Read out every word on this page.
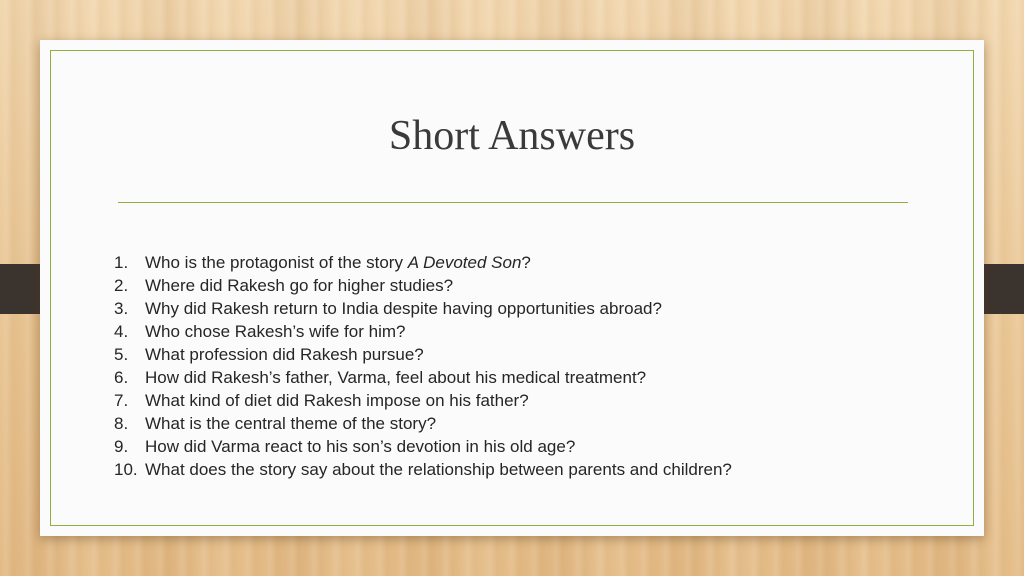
Short Answers
1. Who is the protagonist of the story A Devoted Son?
2. Where did Rakesh go for higher studies?
3. Why did Rakesh return to India despite having opportunities abroad?
4. Who chose Rakesh’s wife for him?
5. What profession did Rakesh pursue?
6. How did Rakesh’s father, Varma, feel about his medical treatment?
7. What kind of diet did Rakesh impose on his father?
8. What is the central theme of the story?
9. How did Varma react to his son’s devotion in his old age?
10. What does the story say about the relationship between parents and children?
